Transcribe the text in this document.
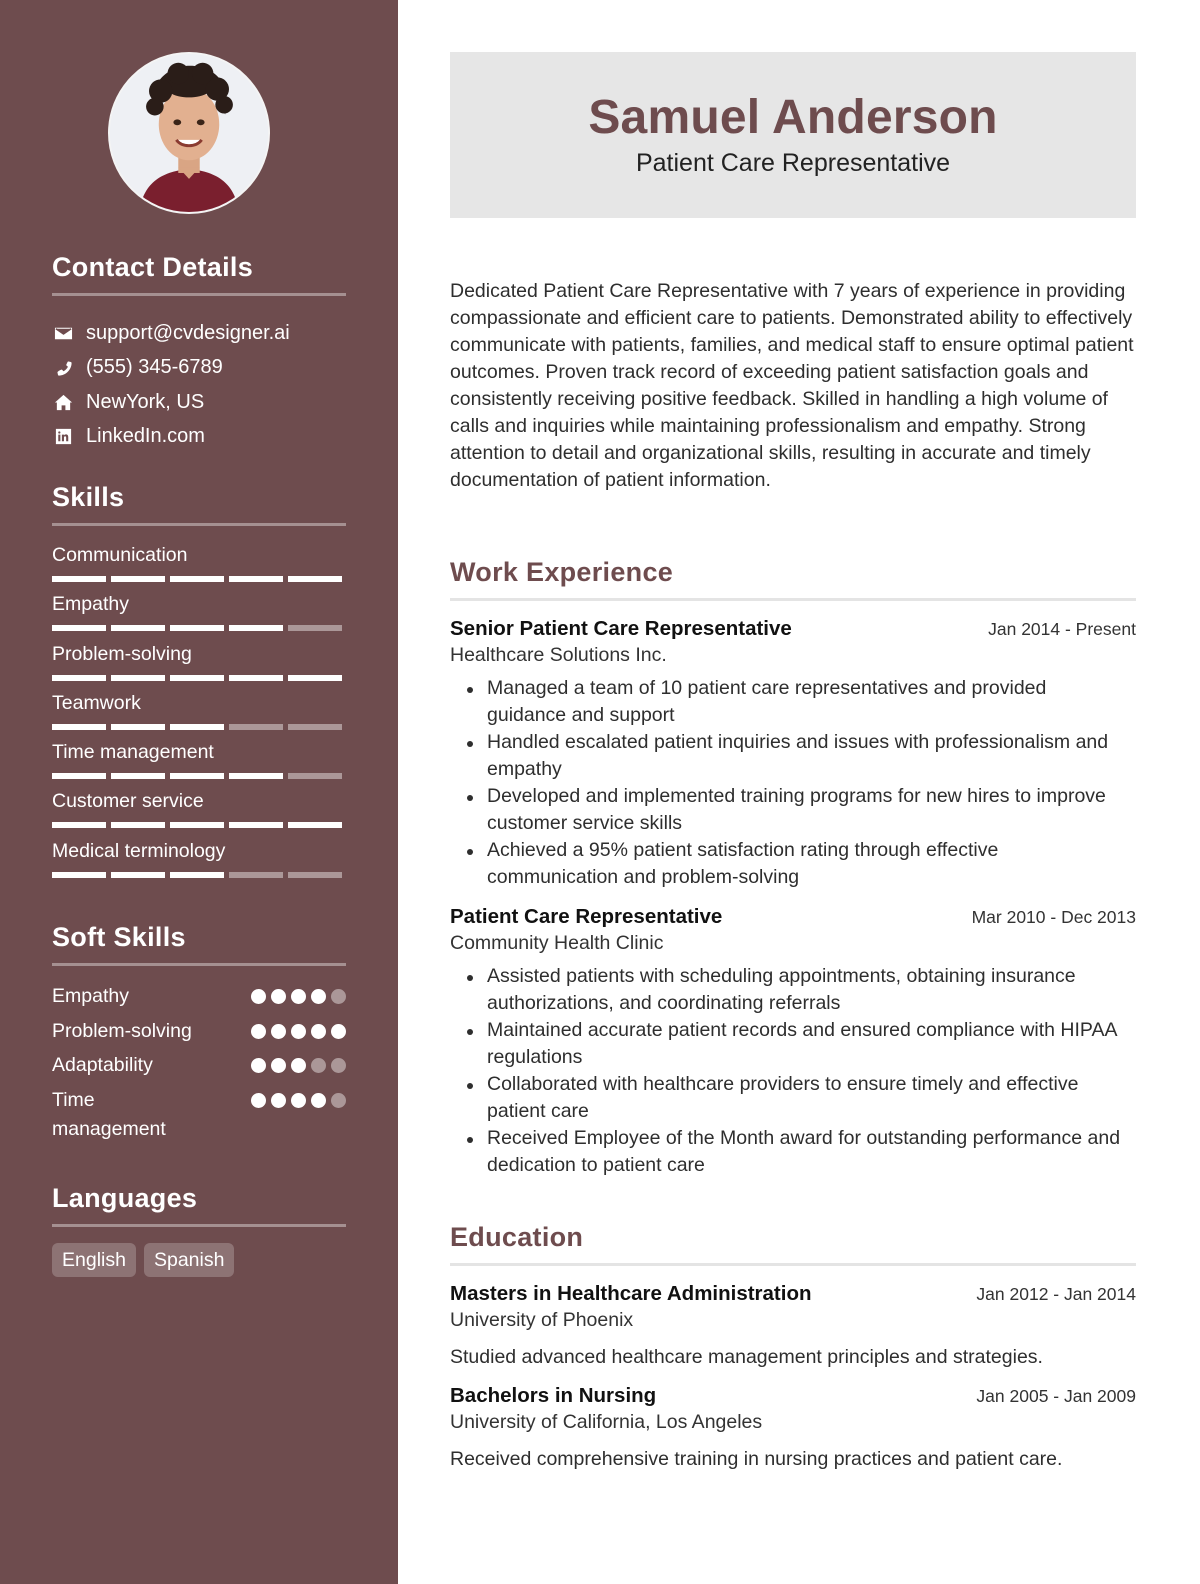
Contact Details
support@cvdesigner.ai
(555) 345-6789
NewYork, US
LinkedIn.com
Skills
Communication
Empathy
Problem-solving
Teamwork
Time management
Customer service
Medical terminology
Soft Skills
Empathy
Problem-solving
Adaptability
Time management
Languages
English	Spanish
Samuel Anderson
Patient Care Representative
Dedicated Patient Care Representative with 7 years of experience in providing compassionate and efficient care to patients. Demonstrated ability to effectively communicate with patients, families, and medical staff to ensure optimal patient outcomes. Proven track record of exceeding patient satisfaction goals and consistently receiving positive feedback. Skilled in handling a high volume of calls and inquiries while maintaining professionalism and empathy. Strong attention to detail and organizational skills, resulting in accurate and timely documentation of patient information.
Work Experience
Senior Patient Care Representative	Jan 2014 - Present
Healthcare Solutions Inc.
Managed a team of 10 patient care representatives and provided guidance and support
Handled escalated patient inquiries and issues with professionalism and empathy
Developed and implemented training programs for new hires to improve customer service skills
Achieved a 95% patient satisfaction rating through effective communication and problem-solving
Patient Care Representative	Mar 2010 - Dec 2013
Community Health Clinic
Assisted patients with scheduling appointments, obtaining insurance authorizations, and coordinating referrals
Maintained accurate patient records and ensured compliance with HIPAA regulations
Collaborated with healthcare providers to ensure timely and effective patient care
Received Employee of the Month award for outstanding performance and dedication to patient care
Education
Masters in Healthcare Administration	Jan 2012 - Jan 2014
University of Phoenix
Studied advanced healthcare management principles and strategies.
Bachelors in Nursing	Jan 2005 - Jan 2009
University of California, Los Angeles
Received comprehensive training in nursing practices and patient care.
